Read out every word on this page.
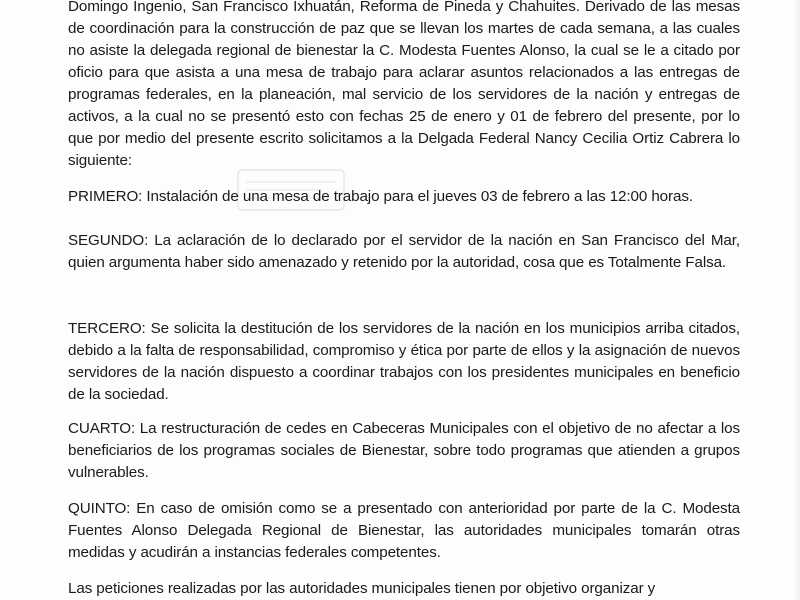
Domingo Ingenio, San Francisco Ixhuatán, Reforma de Pineda y Chahuites. Derivado de las mesas de coordinación para la construcción de paz que se llevan los martes de cada semana, a las cuales no asiste la delegada regional de bienestar la C. Modesta Fuentes Alonso, la cual se le a citado por oficio para que asista a una mesa de trabajo para aclarar asuntos relacionados a las entregas de programas federales, en la planeación, mal servicio de los servidores de la nación y entregas de activos, a la cual no se presentó esto con fechas 25 de enero y 01 de febrero del presente, por lo que por medio del presente escrito solicitamos a la Delgada Federal Nancy Cecilia Ortiz Cabrera lo siguiente:

PRIMERO: Instalación de una mesa de trabajo para el jueves 03 de febrero a las 12:00 horas.

SEGUNDO: La aclaración de lo declarado por el servidor de la nación en San Francisco del Mar, quien argumenta haber sido amenazado y retenido por la autoridad, cosa que es Totalmente Falsa.

TERCERO: Se solicita la destitución de los servidores de la nación en los municipios arriba citados, debido a la falta de responsabilidad, compromiso y ética por parte de ellos y la asignación de nuevos servidores de la nación dispuesto a coordinar trabajos con los presidentes municipales en beneficio de la sociedad.

CUARTO: La restructuración de cedes en Cabeceras Municipales con el objetivo de no afectar a los beneficiarios de los programas sociales de Bienestar, sobre todo programas que atienden a grupos vulnerables.

QUINTO: En caso de omisión como se a presentado con anterioridad por parte de la C. Modesta Fuentes Alonso Delegada Regional de Bienestar, las autoridades municipales tomarán otras medidas y acudirán a instancias federales competentes.

Las peticiones realizadas por las autoridades municipales tienen por objetivo organizar y
